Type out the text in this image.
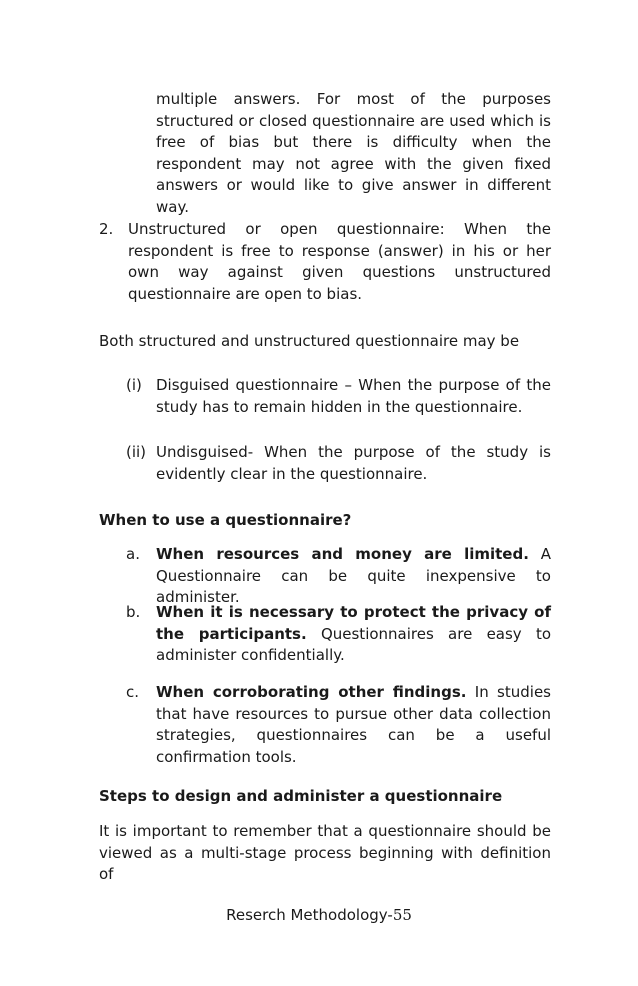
multiple answers. For most of the purposes structured or closed questionnaire are used which is free of bias but there is difficulty when the respondent may not agree with the given fixed answers or would like to give answer in different way.

2. Unstructured or open questionnaire: When the respondent is free to response (answer) in his or her own way against given questions unstructured questionnaire are open to bias.

Both structured and unstructured questionnaire may be

(i) Disguised questionnaire – When the purpose of the study has to remain hidden in the questionnaire.

(ii) Undisguised- When the purpose of the study is evidently clear in the questionnaire.

When to use a questionnaire?
a. When resources and money are limited. A Questionnaire can be quite inexpensive to administer.

b. When it is necessary to protect the privacy of the participants. Questionnaires are easy to administer confidentially.

c. When corroborating other findings. In studies that have resources to pursue other data collection strategies, questionnaires can be a useful confirmation tools.

Steps to design and administer a questionnaire

It is important to remember that a questionnaire should be viewed as a multi-stage process beginning with definition of

Reserch Methodology-55
